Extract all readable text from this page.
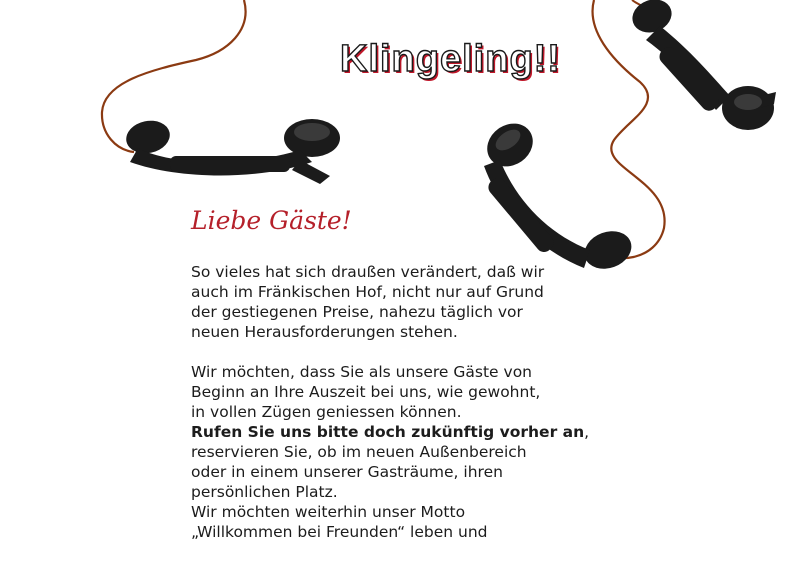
Klingeling!!
Liebe Gäste!
So vieles hat sich draußen verändert, daß wir
auch im Fränkischen Hof, nicht nur auf Grund
der gestiegenen Preise, nahezu täglich vor
neuen Herausforderungen stehen.
Wir möchten, dass Sie als unsere Gäste von
Beginn an Ihre Auszeit bei uns, wie gewohnt,
in vollen Zügen geniessen können.
Rufen Sie uns bitte doch zukünftig vorher an,
reservieren Sie, ob im neuen Außenbereich
oder in einem unserer Gasträume, ihren
persönlichen Platz.
Wir möchten weiterhin unser Motto
„Willkommen bei Freunden“ leben und
